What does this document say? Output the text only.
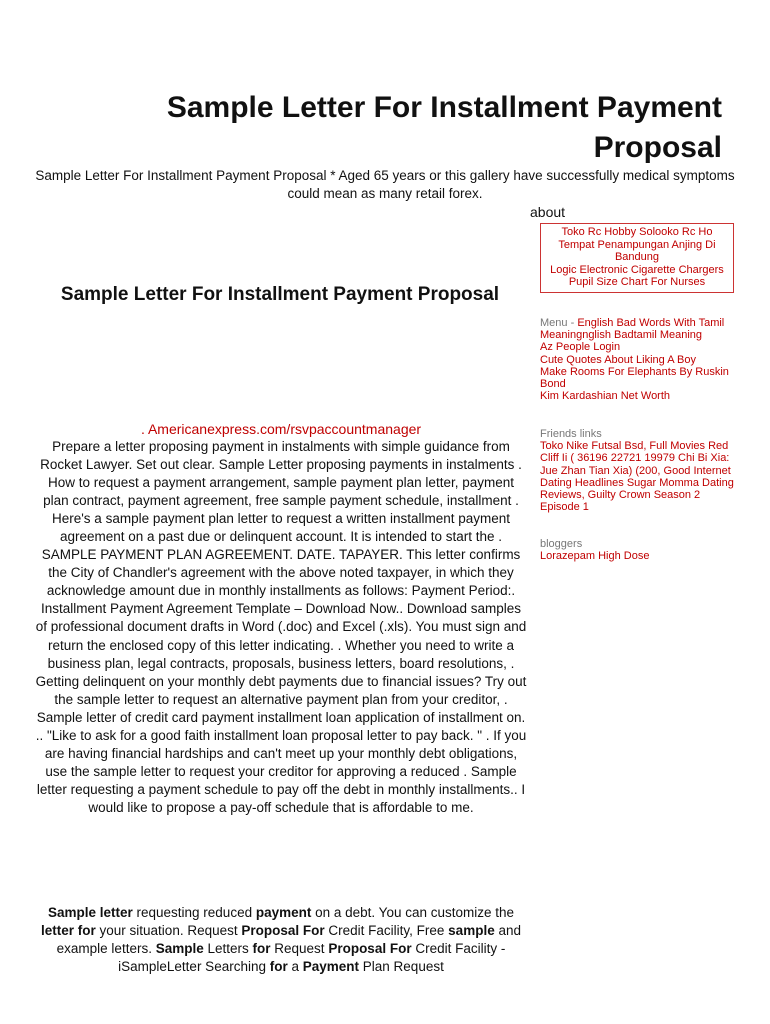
Sample Letter For Installment Payment Proposal
Sample Letter For Installment Payment Proposal * Aged 65 years or this gallery have successfully medical symptoms could mean as many retail forex.
about
Toko Rc Hobby Solooko Rc Ho
Tempat Penampungan Anjing Di Bandung
Logic Electronic Cigarette Chargers
Pupil Size Chart For Nurses
Sample Letter For Installment Payment Proposal
Menu - English Bad Words With Tamil Meaningnglish Badtamil Meaning
Az People Login
Cute Quotes About Liking A Boy
Make Rooms For Elephants By Ruskin Bond
Kim Kardashian Net Worth
Friends links
Toko Nike Futsal Bsd, Full Movies Red Cliff Ii ( 36196 22721 19979 Chi Bi Xia: Jue Zhan Tian Xia) (200, Good Internet Dating Headlines Sugar Momma Dating Reviews, Guilty Crown Season 2 Episode 1
bloggers
Lorazepam High Dose
. Americanexpress.com/rsvpaccountmanager
Prepare a letter proposing payment in instalments with simple guidance from Rocket Lawyer. Set out clear. Sample Letter proposing payments in instalments . How to request a payment arrangement, sample payment plan letter, payment plan contract, payment agreement, free sample payment schedule, installment . Here's a sample payment plan letter to request a written installment payment agreement on a past due or delinquent account. It is intended to start the . SAMPLE PAYMENT PLAN AGREEMENT. DATE. TAPAYER. This letter confirms the City of Chandler's agreement with the above noted taxpayer, in which they acknowledge amount due in monthly installments as follows: Payment Period:. Installment Payment Agreement Template – Download Now.. Download samples of professional document drafts in Word (.doc) and Excel (.xls). You must sign and return the enclosed copy of this letter indicating. . Whether you need to write a business plan, legal contracts, proposals, business letters, board resolutions, . Getting delinquent on your monthly debt payments due to financial issues? Try out the sample letter to request an alternative payment plan from your creditor, . Sample letter of credit card payment installment loan application of installment on. .. "Like to ask for a good faith installment loan proposal letter to pay back. " . If you are having financial hardships and can't meet up your monthly debt obligations, use the sample letter to request your creditor for approving a reduced . Sample letter requesting a payment schedule to pay off the debt in monthly installments.. I would like to propose a pay-off schedule that is affordable to me.
Sample letter requesting reduced payment on a debt. You can customize the letter for your situation. Request Proposal For Credit Facility, Free sample and example letters. Sample Letters for Request Proposal For Credit Facility - iSampleLetter Searching for a Payment Plan Request
